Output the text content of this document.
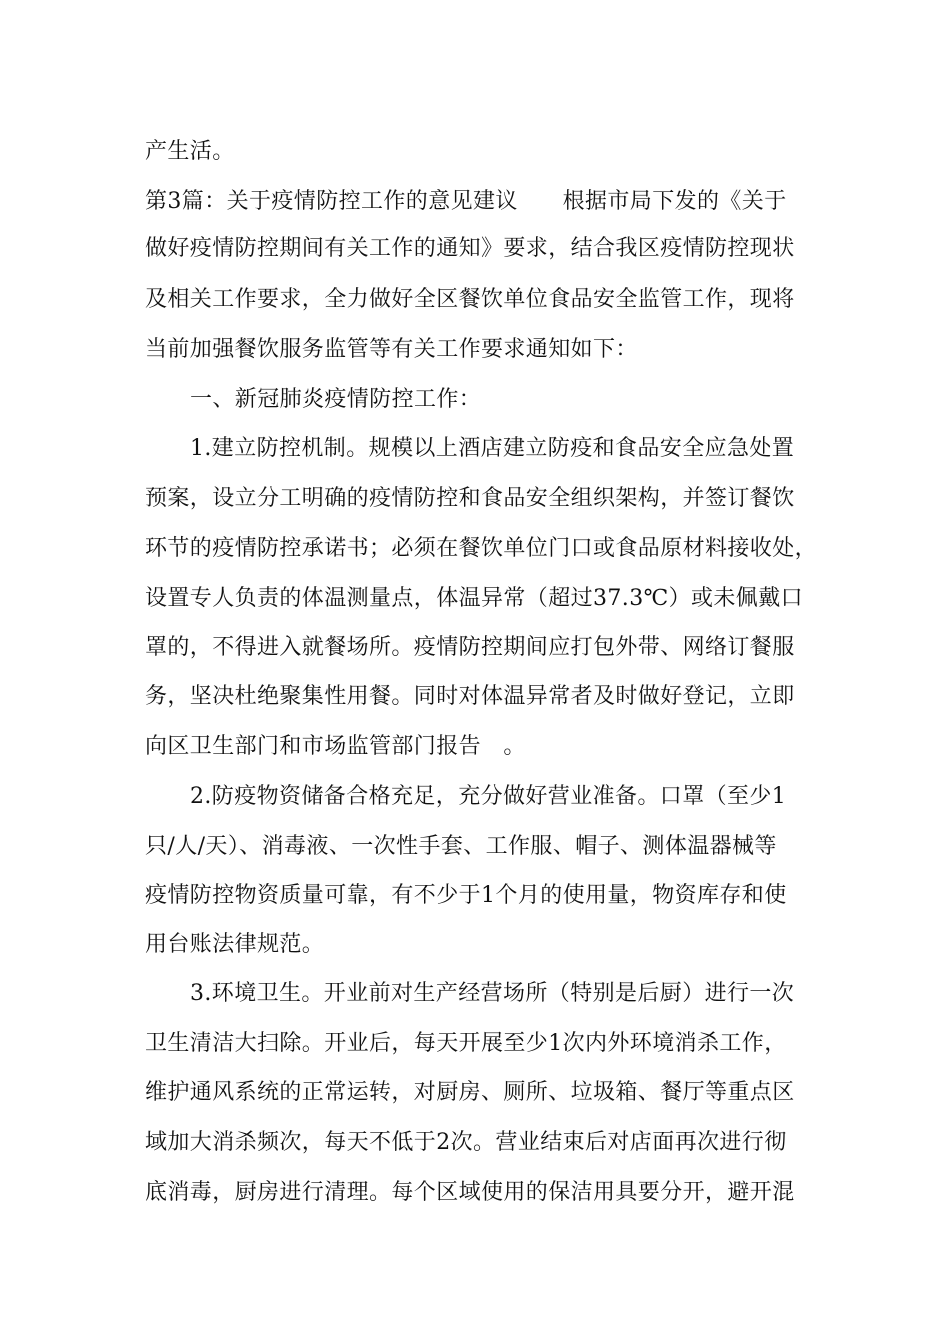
产生活。
第3篇：关于疫情防控工作的意见建议　　根据市局下发的《关于
做好疫情防控期间有关工作的通知》要求，结合我区疫情防控现状
及相关工作要求，全力做好全区餐饮单位食品安全监管工作，现将
当前加强餐饮服务监管等有关工作要求通知如下：
一、新冠肺炎疫情防控工作：
1.建立防控机制。规模以上酒店建立防疫和食品安全应急处置
预案，设立分工明确的疫情防控和食品安全组织架构，并签订餐饮
环节的疫情防控承诺书；必须在餐饮单位门口或食品原材料接收处，
设置专人负责的体温测量点，体温异常（超过37.3℃）或未佩戴口
罩的，不得进入就餐场所。疫情防控期间应打包外带、网络订餐服
务，坚决杜绝聚集性用餐。同时对体温异常者及时做好登记，立即
向区卫生部门和市场监管部门报告　。
2.防疫物资储备合格充足，充分做好营业准备。口罩（至少1
只/人/天）、消毒液、一次性手套、工作服、帽子、测体温器械等
疫情防控物资质量可靠，有不少于1个月的使用量，物资库存和使
用台账法律规范。
3.环境卫生。开业前对生产经营场所（特别是后厨）进行一次
卫生清洁大扫除。开业后，每天开展至少1次内外环境消杀工作，
维护通风系统的正常运转，对厨房、厕所、垃圾箱、餐厅等重点区
域加大消杀频次，每天不低于2次。营业结束后对店面再次进行彻
底消毒，厨房进行清理。每个区域使用的保洁用具要分开，避开混
